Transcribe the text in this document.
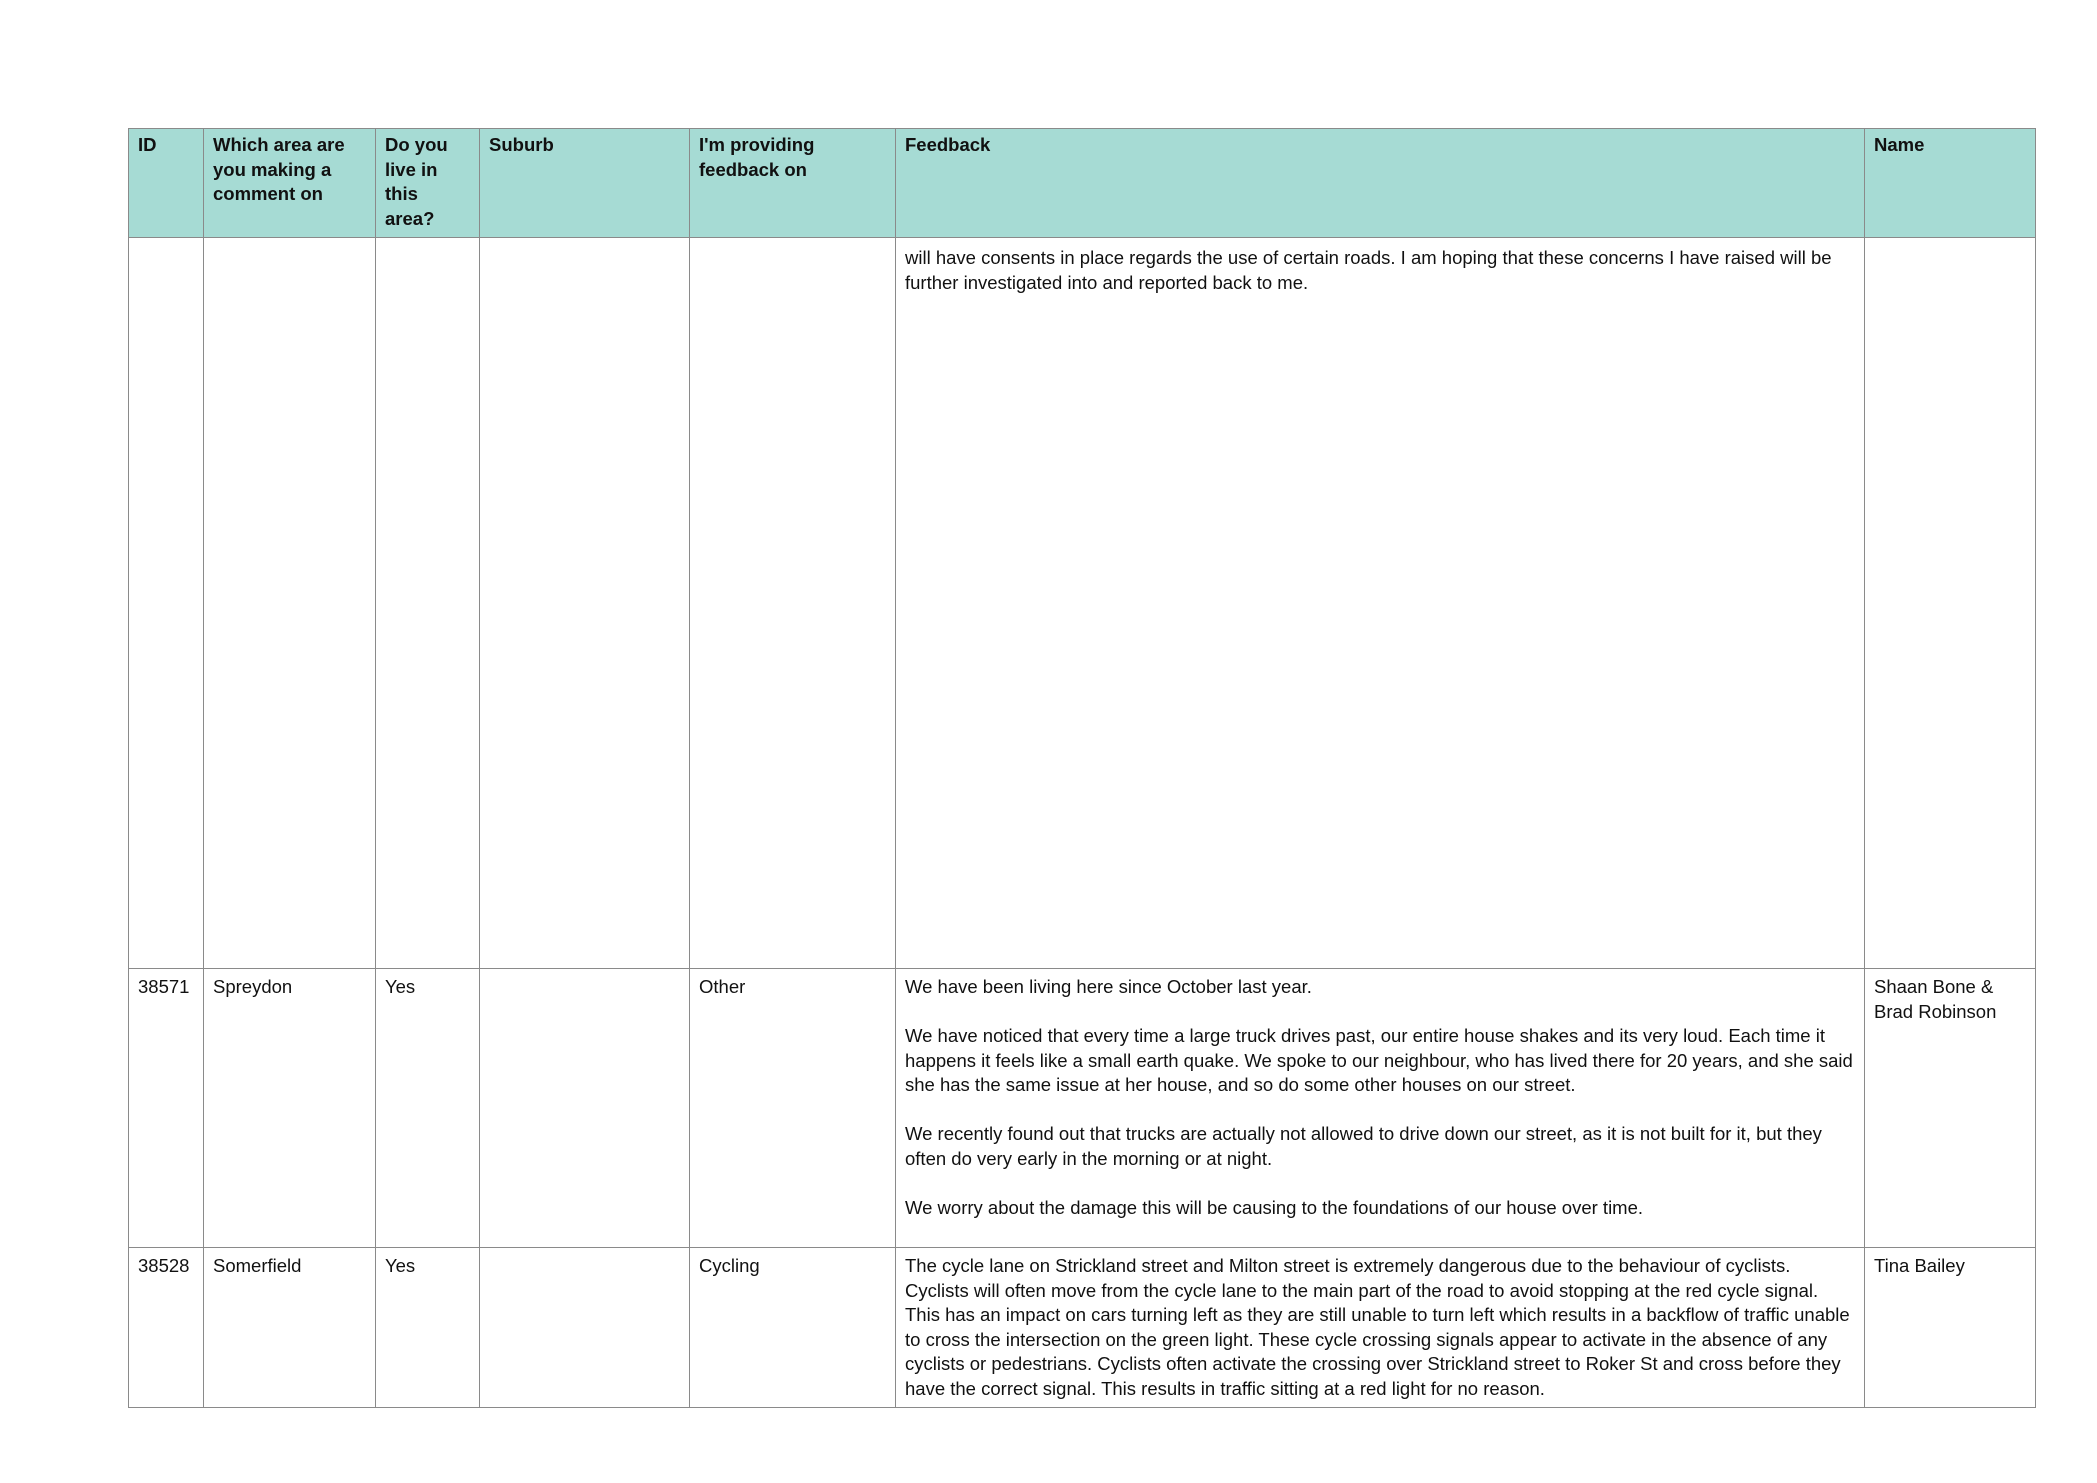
ID	Which area are you making a comment on	Do you live in this area?	Suburb	I'm providing feedback on	Feedback	Name
					will have consents in place regards the use of certain roads. I am hoping that these concerns I have raised will be further investigated into and reported back to me.	
38571	Spreydon	Yes		Other	We have been living here since October last year.
We have noticed that every time a large truck drives past, our entire house shakes and its very loud. Each time it happens it feels like a small earth quake. We spoke to our neighbour, who has lived there for 20 years, and she said she has the same issue at her house, and so do some other houses on our street.
We recently found out that trucks are actually not allowed to drive down our street, as it is not built for it, but they often do very early in the morning or at night.
We worry about the damage this will be causing to the foundations of our house over time.	Shaan Bone & Brad Robinson
38528	Somerfield	Yes		Cycling	The cycle lane on Strickland street and Milton street is extremely dangerous due to the behaviour of cyclists. Cyclists will often move from the cycle lane to the main part of the road to avoid stopping at the red cycle signal. This has an impact on cars turning left as they are still unable to turn left which results in a backflow of traffic unable to cross the intersection on the green light. These cycle crossing signals appear to activate in the absence of any cyclists or pedestrians. Cyclists often activate the crossing over Strickland street to Roker St and cross before they have the correct signal. This results in traffic sitting at a red light for no reason.	Tina Bailey
